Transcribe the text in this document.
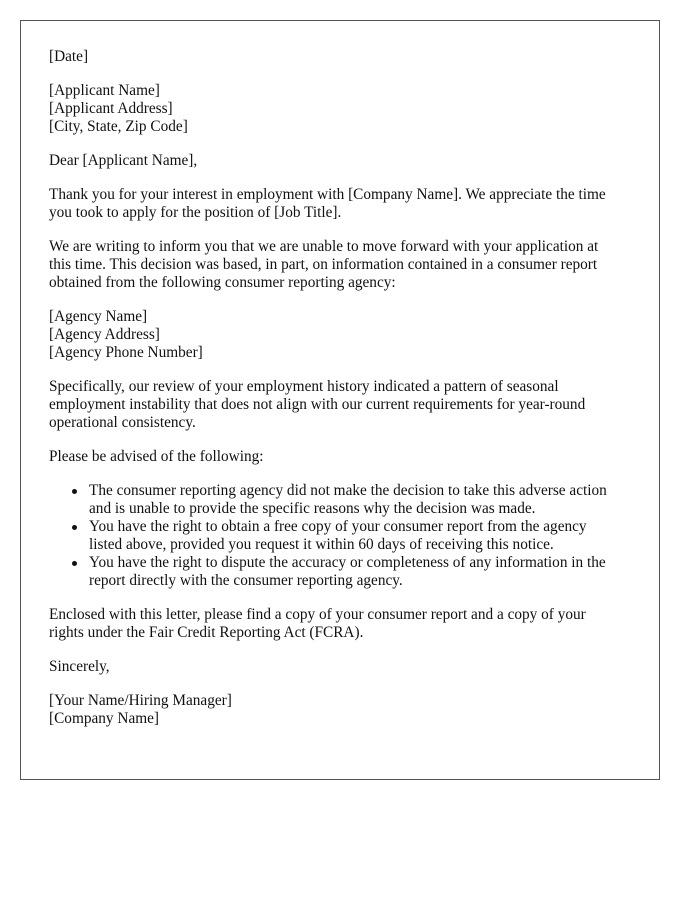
[Date]
[Applicant Name]
[Applicant Address]
[City, State, Zip Code]
Dear [Applicant Name],
Thank you for your interest in employment with [Company Name]. We appreciate the time
you took to apply for the position of [Job Title].
We are writing to inform you that we are unable to move forward with your application at
this time. This decision was based, in part, on information contained in a consumer report
obtained from the following consumer reporting agency:
[Agency Name]
[Agency Address]
[Agency Phone Number]
Specifically, our review of your employment history indicated a pattern of seasonal
employment instability that does not align with our current requirements for year-round
operational consistency.
Please be advised of the following:
The consumer reporting agency did not make the decision to take this adverse action
and is unable to provide the specific reasons why the decision was made.
You have the right to obtain a free copy of your consumer report from the agency
listed above, provided you request it within 60 days of receiving this notice.
You have the right to dispute the accuracy or completeness of any information in the
report directly with the consumer reporting agency.
Enclosed with this letter, please find a copy of your consumer report and a copy of your
rights under the Fair Credit Reporting Act (FCRA).
Sincerely,
[Your Name/Hiring Manager]
[Company Name]
